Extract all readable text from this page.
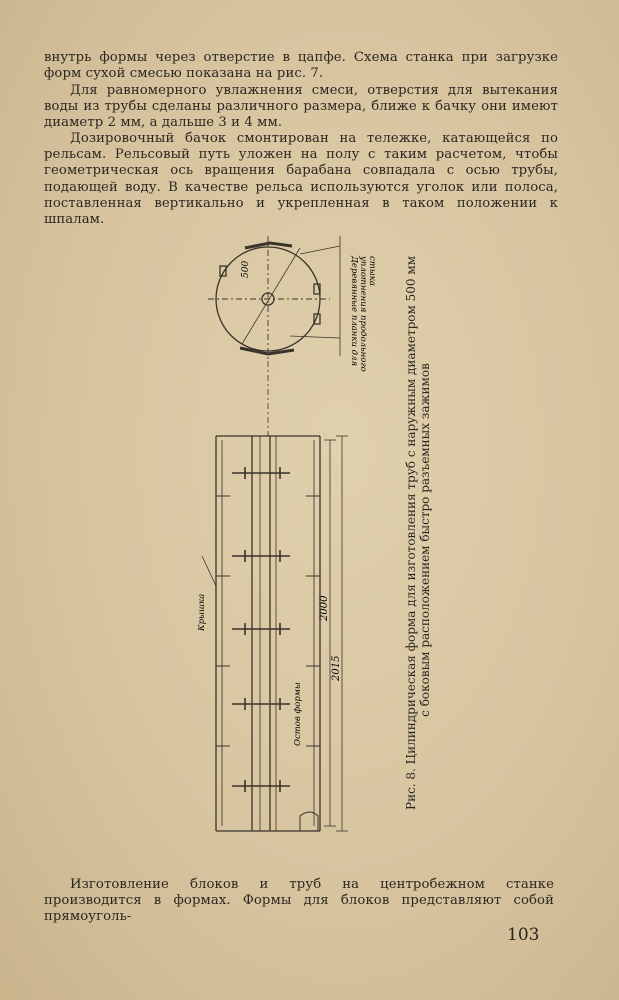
внутрь формы через отверстие в цапфе. Схема станка при загрузке форм сухой смесью показана на рис. 7.

Для равномерного увлажнения смеси, отверстия для вытекания воды из трубы сделаны различного размера, ближе к бачку они имеют диаметр 2 мм, а дальше 3 и 4 мм.

Дозировочный бачок смонтирован на тележке, катающейся по рельсам. Рельсовый путь уложен на полу с таким расчетом, чтобы геометрическая ось вращения барабана совпадала с осью трубы, подающей воду. В качестве рельса используются уголок или полоса, поставленная вертикально и укрепленная в таком положении к шпалам.

500	Деревянные планки для уплотнения продольного стыка
2000
2015
Крышка
Остов формы	Рис. 8. Цилиндрическая форма для изготовления труб с наружным диаметром 500 мм с боковым расположением быстро разъемных зажимов

Изготовление блоков и труб на центробежном станке производится в формах. Формы для блоков представляют собой прямоуголь-

103
